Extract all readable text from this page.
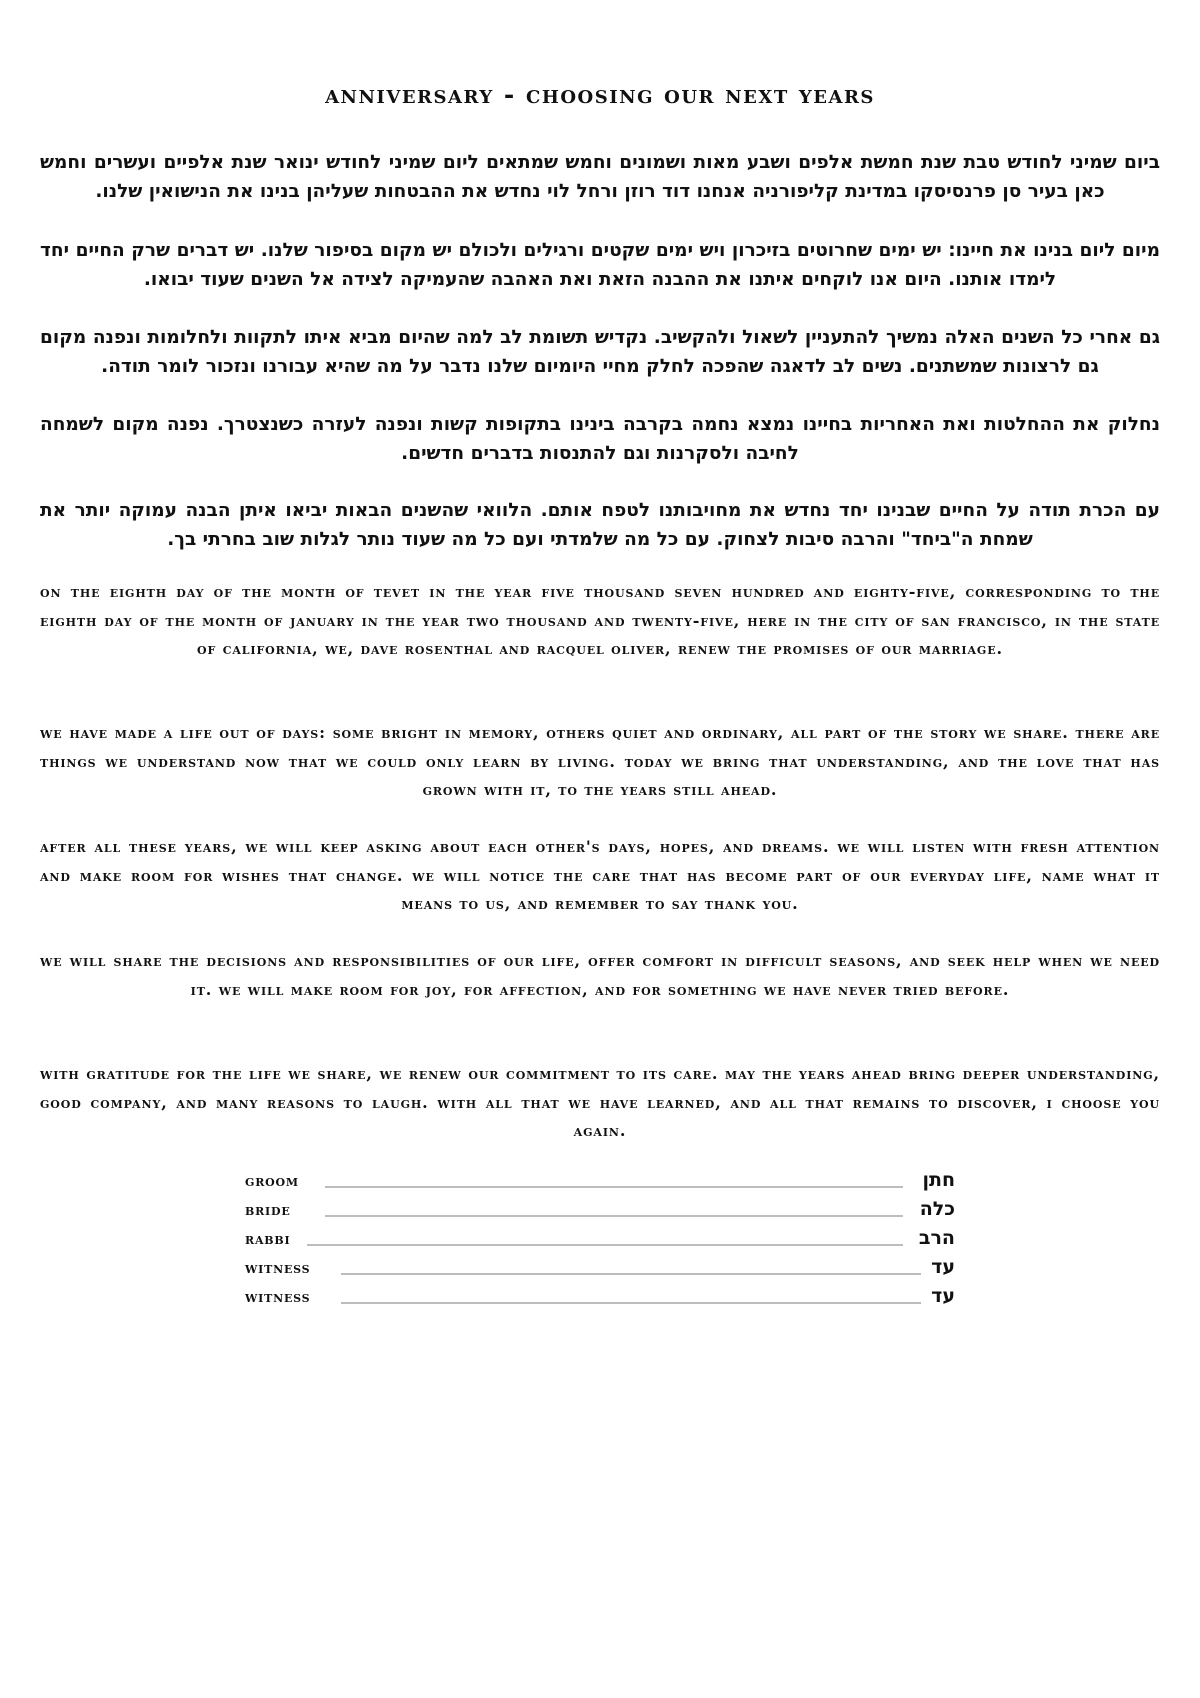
anniversary - choosing our next years

ביום שמיני לחודש טבת שנת חמשת אלפים ושבע מאות ושמונים וחמש שמתאים ליום שמיני לחודש ינואר שנת אלפיים ועשרים וחמש כאן בעיר סן פרנסיסקו במדינת קליפורניה אנחנו דוד רוזן ורחל לוי נחדש את ההבטחות שעליהן בנינו את הנישואין שלנו.

מיום ליום בנינו את חיינו: יש ימים שחרוטים בזיכרון ויש ימים שקטים ורגילים ולכולם יש מקום בסיפור שלנו. יש דברים שרק החיים יחד לימדו אותנו. היום אנו לוקחים איתנו את ההבנה הזאת ואת האהבה שהעמיקה לצידה אל השנים שעוד יבואו.

גם אחרי כל השנים האלה נמשיך להתעניין לשאול ולהקשיב. נקדיש תשומת לב למה שהיום מביא איתו לתקוות ולחלומות ונפנה מקום גם לרצונות שמשתנים. נשים לב לדאגה שהפכה לחלק מחיי היומיום שלנו נדבר על מה שהיא עבורנו ונזכור לומר תודה.

נחלוק את ההחלטות ואת האחריות בחיינו נמצא נחמה בקרבה בינינו בתקופות קשות ונפנה לעזרה כשנצטרך. נפנה מקום לשמחה לחיבה ולסקרנות וגם להתנסות בדברים חדשים.

עם הכרת תודה על החיים שבנינו יחד נחדש את מחויבותנו לטפח אותם. הלוואי שהשנים הבאות יביאו איתן הבנה עמוקה יותר את שמחת ה"ביחד" והרבה סיבות לצחוק. עם כל מה שלמדתי ועם כל מה שעוד נותר לגלות שוב בחרתי בך.

on the eighth day of the month of tevet in the year five thousand seven hundred and eighty-five, corresponding to the eighth day of the month of january in the year two thousand and twenty-five, here in the city of san francisco, in the state of california, we, dave rosenthal and racquel oliver, renew the promises of our marriage.

we have made a life out of days: some bright in memory, others quiet and ordinary, all part of the story we share. there are things we understand now that we could only learn by living. today we bring that understanding, and the love that has grown with it, to the years still ahead.

after all these years, we will keep asking about each other's days, hopes, and dreams. we will listen with fresh attention and make room for wishes that change. we will notice the care that has become part of our everyday life, name what it means to us, and remember to say thank you.

we will share the decisions and responsibilities of our life, offer comfort in difficult seasons, and seek help when we need it. we will make room for joy, for affection, and for something we have never tried before.

with gratitude for the life we share, we renew our commitment to its care. may the years ahead bring deeper understanding, good company, and many reasons to laugh. with all that we have learned, and all that remains to discover, i choose you again.

groom	חתן
bride	כלה
rabbi	הרב
witness	עד
witness	עד
